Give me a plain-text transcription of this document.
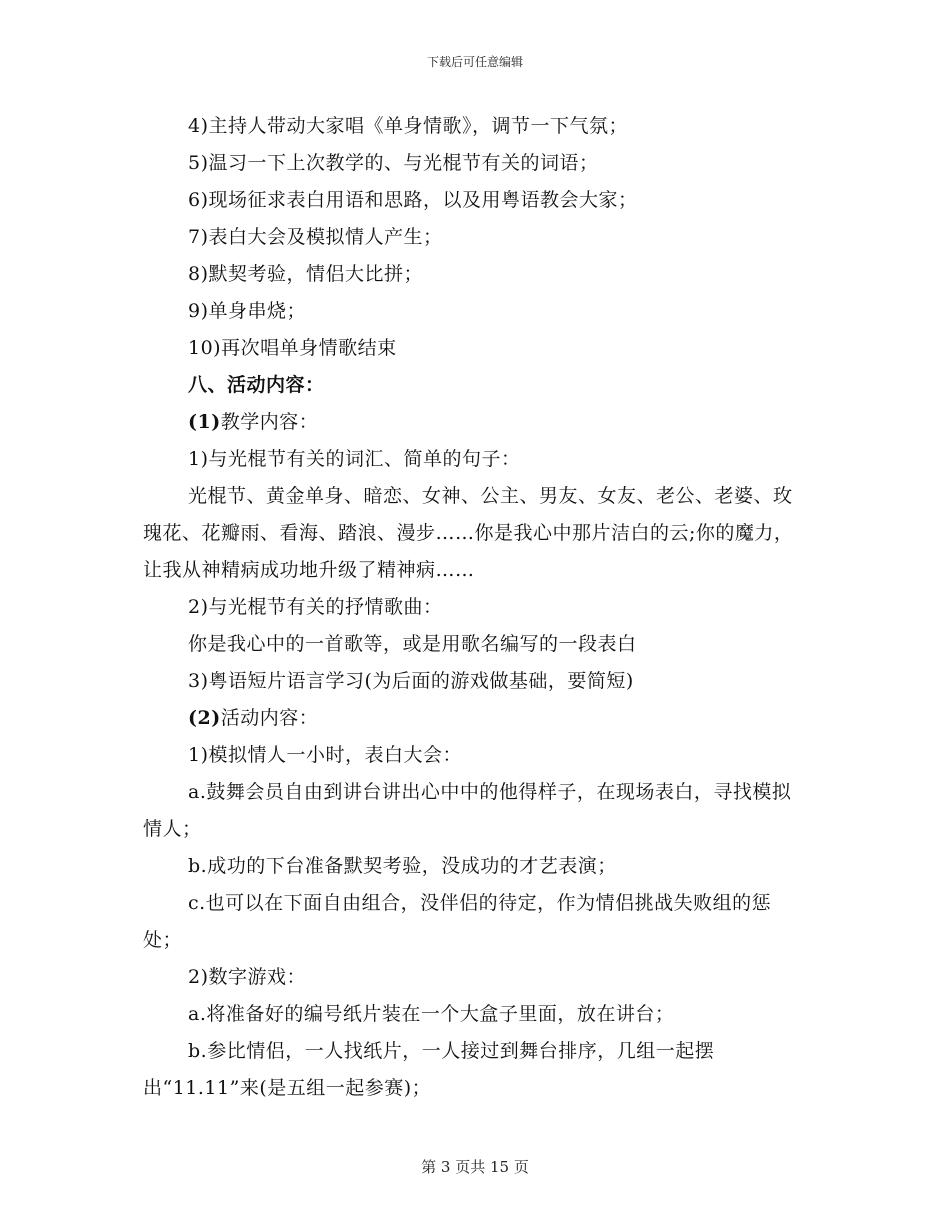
下载后可任意编辑

4)主持人带动大家唱《单身情歌》，调节一下气氛；

5)温习一下上次教学的、与光棍节有关的词语；

6)现场征求表白用语和思路，以及用粤语教会大家；

7)表白大会及模拟情人产生；

8)默契考验，情侣大比拼；

9)单身串烧；

10)再次唱单身情歌结束

八、活动内容：

(1)教学内容：

1)与光棍节有关的词汇、简单的句子：

光棍节、黄金单身、暗恋、女神、公主、男友、女友、老公、老婆、玫瑰花、花瓣雨、看海、踏浪、漫步……你是我心中那片洁白的云;你的魔力，让我从神精病成功地升级了精神病……

2)与光棍节有关的抒情歌曲：

你是我心中的一首歌等，或是用歌名编写的一段表白

3)粤语短片语言学习(为后面的游戏做基础，要简短)

(2)活动内容：

1)模拟情人一小时，表白大会：

a.鼓舞会员自由到讲台讲出心中中的他得样子，在现场表白，寻找模拟情人；

b.成功的下台准备默契考验，没成功的才艺表演；

c.也可以在下面自由组合，没伴侣的待定，作为情侣挑战失败组的惩处；

2)数字游戏：

a.将准备好的编号纸片装在一个大盒子里面，放在讲台；

b.参比情侣，一人找纸片，一人接过到舞台排序，几组一起摆出“11.11”来(是五组一起参赛)；

第 3 页共 15 页
